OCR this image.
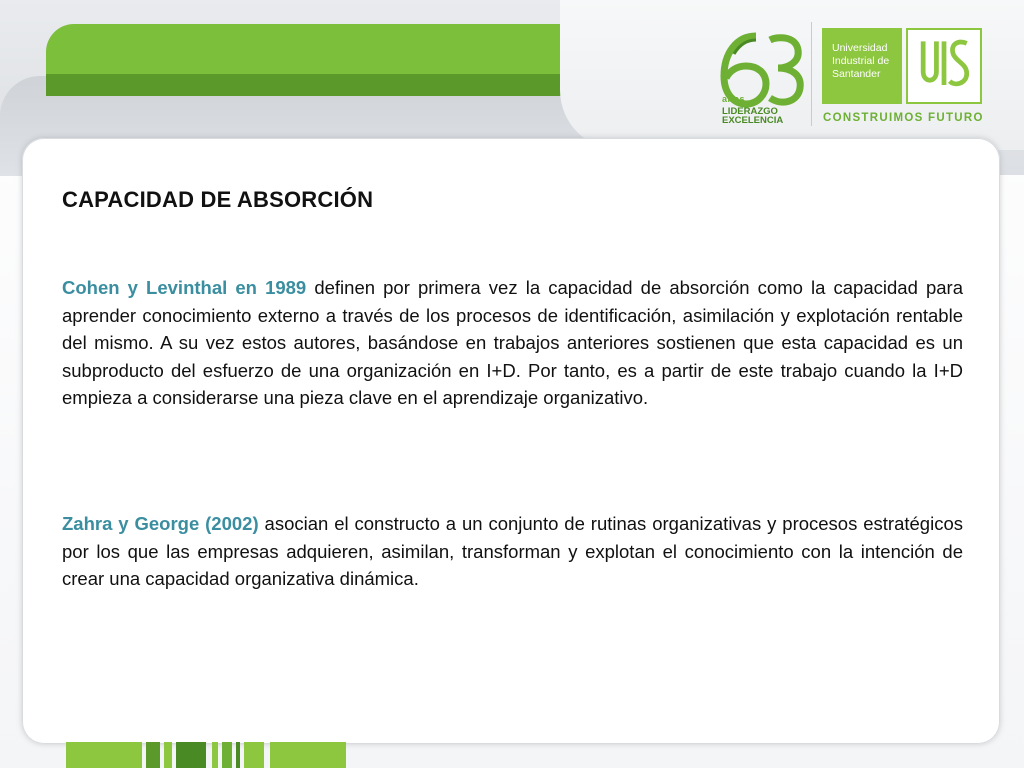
años
LIDERAZGO
EXCELENCIA
Universidad
Industrial de
Santander
CONSTRUIMOS FUTURO
CAPACIDAD DE ABSORCIÓN

Cohen y Levinthal en 1989 definen por primera vez la capacidad de absorción como la capacidad para aprender conocimiento externo a través de los procesos de identificación, asimilación y explotación rentable del mismo. A su vez estos autores, basándose en trabajos anteriores sostienen que esta capacidad es un subproducto del esfuerzo de una organización en I+D. Por tanto, es a partir de este trabajo cuando la I+D empieza a considerarse una pieza clave en el aprendizaje organizativo.

Zahra y George (2002) asocian el constructo a un conjunto de rutinas organizativas y procesos estratégicos por los que las empresas adquieren, asimilan, transforman y explotan el conocimiento con la intención de crear una capacidad organizativa dinámica.
